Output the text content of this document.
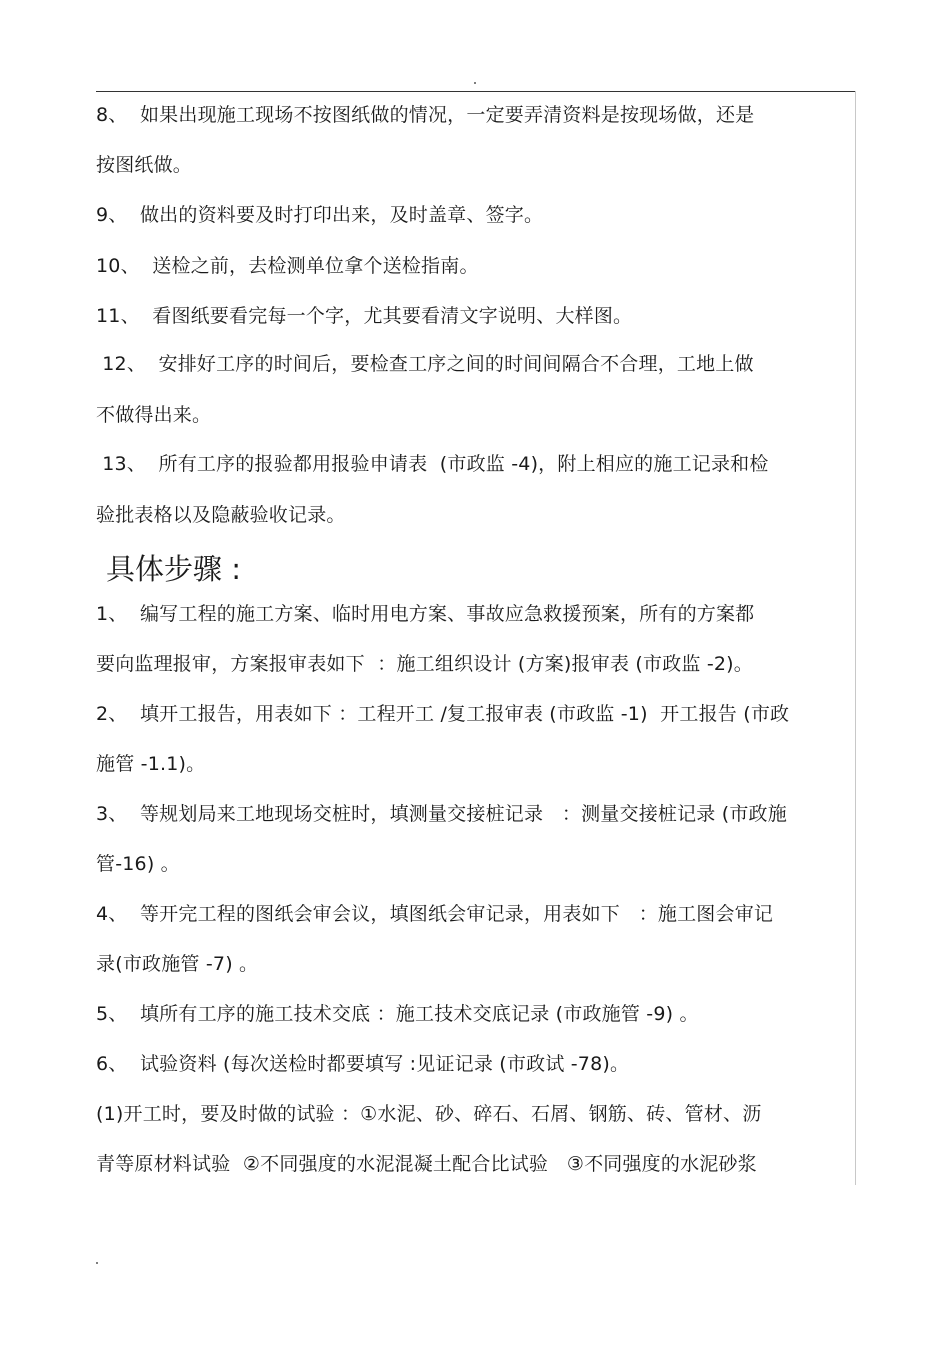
8、  如果出现施工现场不按图纸做的情况，一定要弄清资料是按现场做，还是
按图纸做。
9、  做出的资料要及时打印出来，及时盖章、签字。
10、  送检之前，去检测单位拿个送检指南。
11、  看图纸要看完每一个字，尤其要看清文字说明、大样图。
12、  安排好工序的时间后，要检查工序之间的时间间隔合不合理，工地上做
不做得出来。
13、  所有工序的报验都用报验申请表  (市政监 -4)，附上相应的施工记录和检
验批表格以及隐蔽验收记录。
具体步骤 :
1、  编写工程的施工方案、临时用电方案、事故应急救援预案，所有的方案都
要向监理报审，方案报审表如下  ：施工组织设计 (方案)报审表 (市政监 -2)。
2、  填开工报告，用表如下 ：工程开工 /复工报审表 (市政监 -1)  开工报告 (市政
施管 -1.1)。
3、  等规划局来工地现场交桩时，填测量交接桩记录   ：测量交接桩记录 (市政施
管-16) 。
4、  等开完工程的图纸会审会议，填图纸会审记录，用表如下   ：施工图会审记
录(市政施管 -7) 。
5、  填所有工序的施工技术交底 ：施工技术交底记录 (市政施管 -9) 。
6、  试验资料 (每次送检时都要填写 :见证记录 (市政试 -78)。
(1)开工时，要及时做的试验 ：①水泥、砂、碎石、石屑、钢筋、砖、管材、沥
青等原材料试验  ②不同强度的水泥混凝土配合比试验   ③不同强度的水泥砂浆
